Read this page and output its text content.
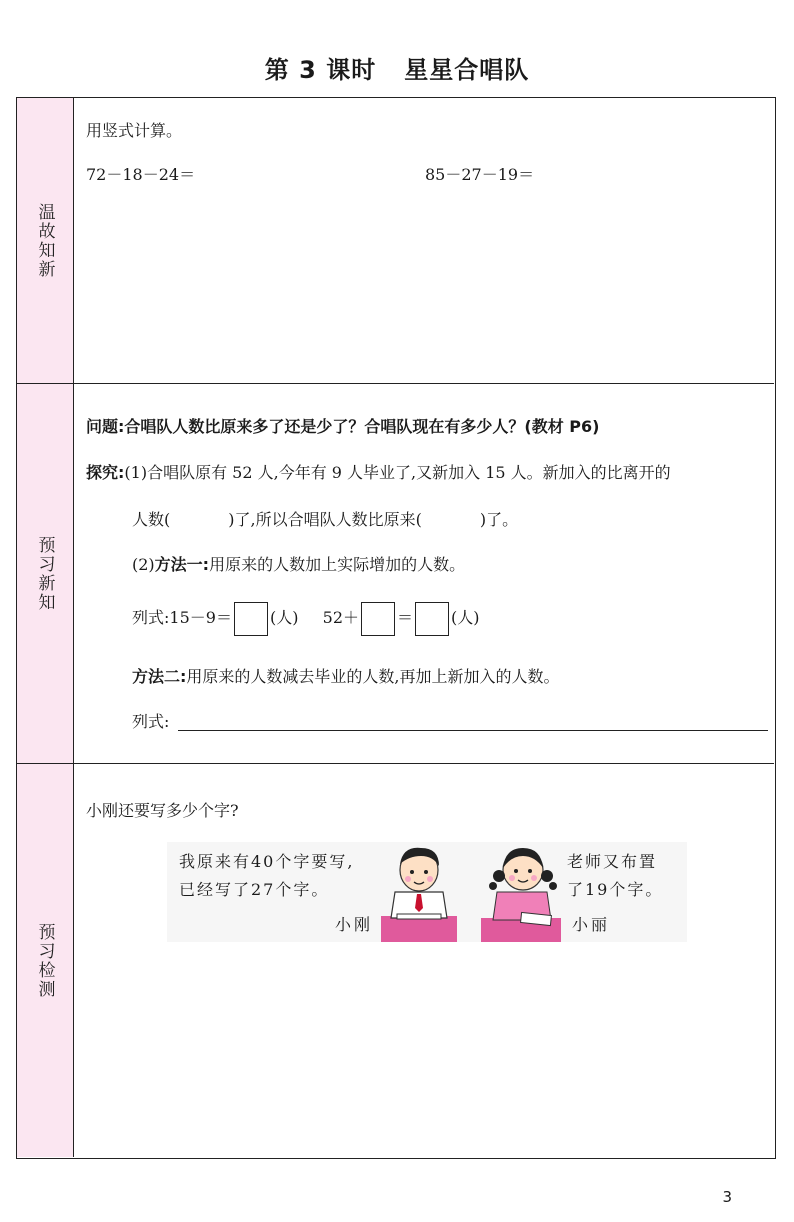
第 3 课时 星星合唱队
温故知新
用竖式计算。
72－18－24＝	85－27－19＝
预习新知
问题:合唱队人数比原来多了还是少了？合唱队现在有多少人？(教材 P6)
探究:(1)合唱队原有 52 人,今年有 9 人毕业了,又新加入 15 人。新加入的比离开的
人数(	)了,所以合唱队人数比原来(	)了。
(2)方法一:用原来的人数加上实际增加的人数。
列式:15－9＝ (人) 52＋ ＝ (人)
方法二:用原来的人数减去毕业的人数,再加上新加入的人数。
列式:
预习检测
小刚还要写多少个字?
我原来有40个字要写,
已经写了27个字。
小刚
老师又布置
了19个字。
小丽
3
